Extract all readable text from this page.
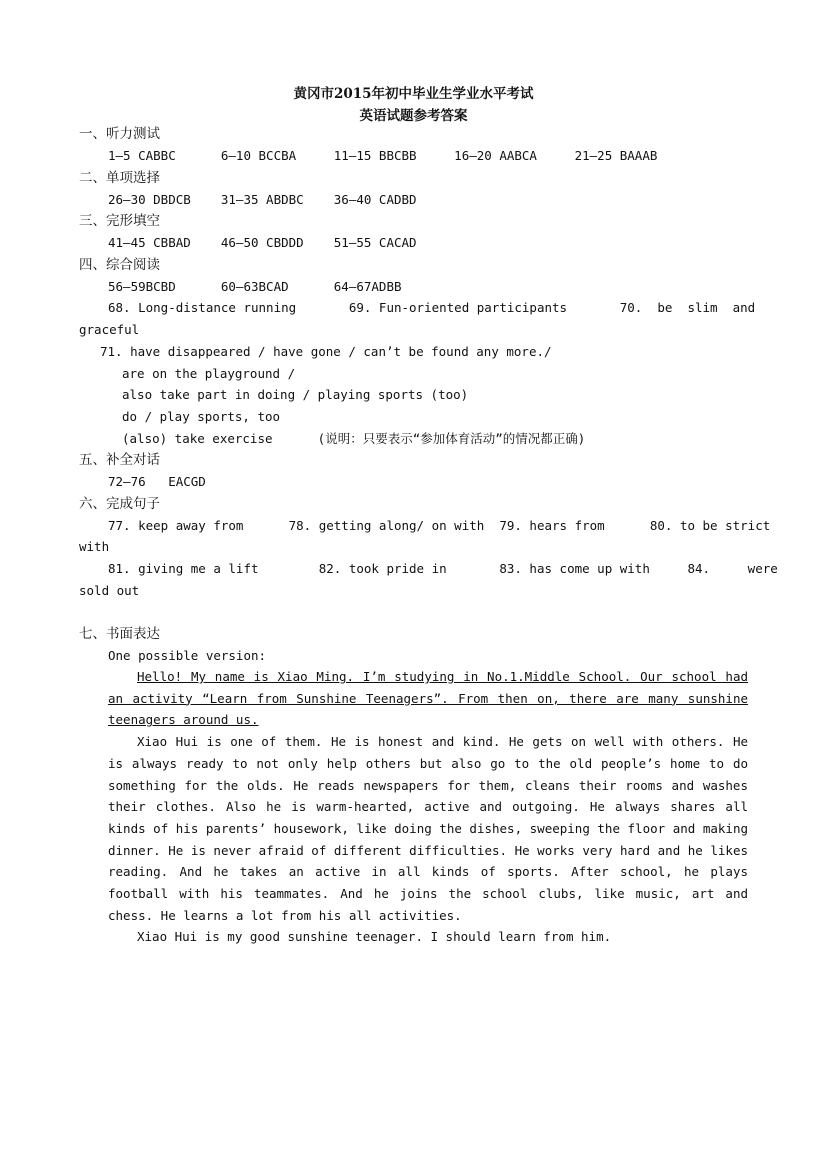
黄冈市2015年初中毕业生学业水平考试
英语试题参考答案
一、听力测试
1—5 CABBC      6—10 BCCBA     11—15 BBCBB     16—20 AABCA     21—25 BAAAB
二、单项选择
26—30 DBDCB    31—35 ABDBC    36—40 CADBD
三、完形填空
41—45 CBBAD    46—50 CBDDD    51—55 CACAD
四、综合阅读
56—59BCBD      60—63BCAD      64—67ADBB
68. Long-distance running       69. Fun-oriented participants       70.  be  slim  and
graceful
71. have disappeared / have gone / can’t be found any more./
are on the playground /
also take part in doing / playing sports (too)
do / play sports, too
(also) take exercise      (说明：只要表示“参加体育活动”的情况都正确)
五、补全对话
72—76   EACGD
六、完成句子
77. keep away from      78. getting along/ on with  79. hears from      80. to be strict
with
81. giving me a lift        82. took pride in       83. has come up with     84.     were
sold out
七、书面表达
One possible version:

Hello! My name is Xiao Ming. I’m studying in No.1.Middle School. Our school had an activity “Learn from Sunshine Teenagers”. From then on, there are many sunshine teenagers around us.

Xiao Hui is one of them. He is honest and kind. He gets on well with others. He is always ready to not only help others but also go to the old people’s home to do something for the olds. He reads newspapers for them, cleans their rooms and washes their clothes. Also he is warm-hearted, active and outgoing. He always shares all kinds of his parents’ housework, like doing the dishes, sweeping the floor and making dinner. He is never afraid of different difficulties. He works very hard and he likes reading. And he takes an active in all kinds of sports. After school, he plays football with his teammates. And he joins the school clubs, like music, art and chess. He learns a lot from his all activities.

Xiao Hui is my good sunshine teenager. I should learn from him.
